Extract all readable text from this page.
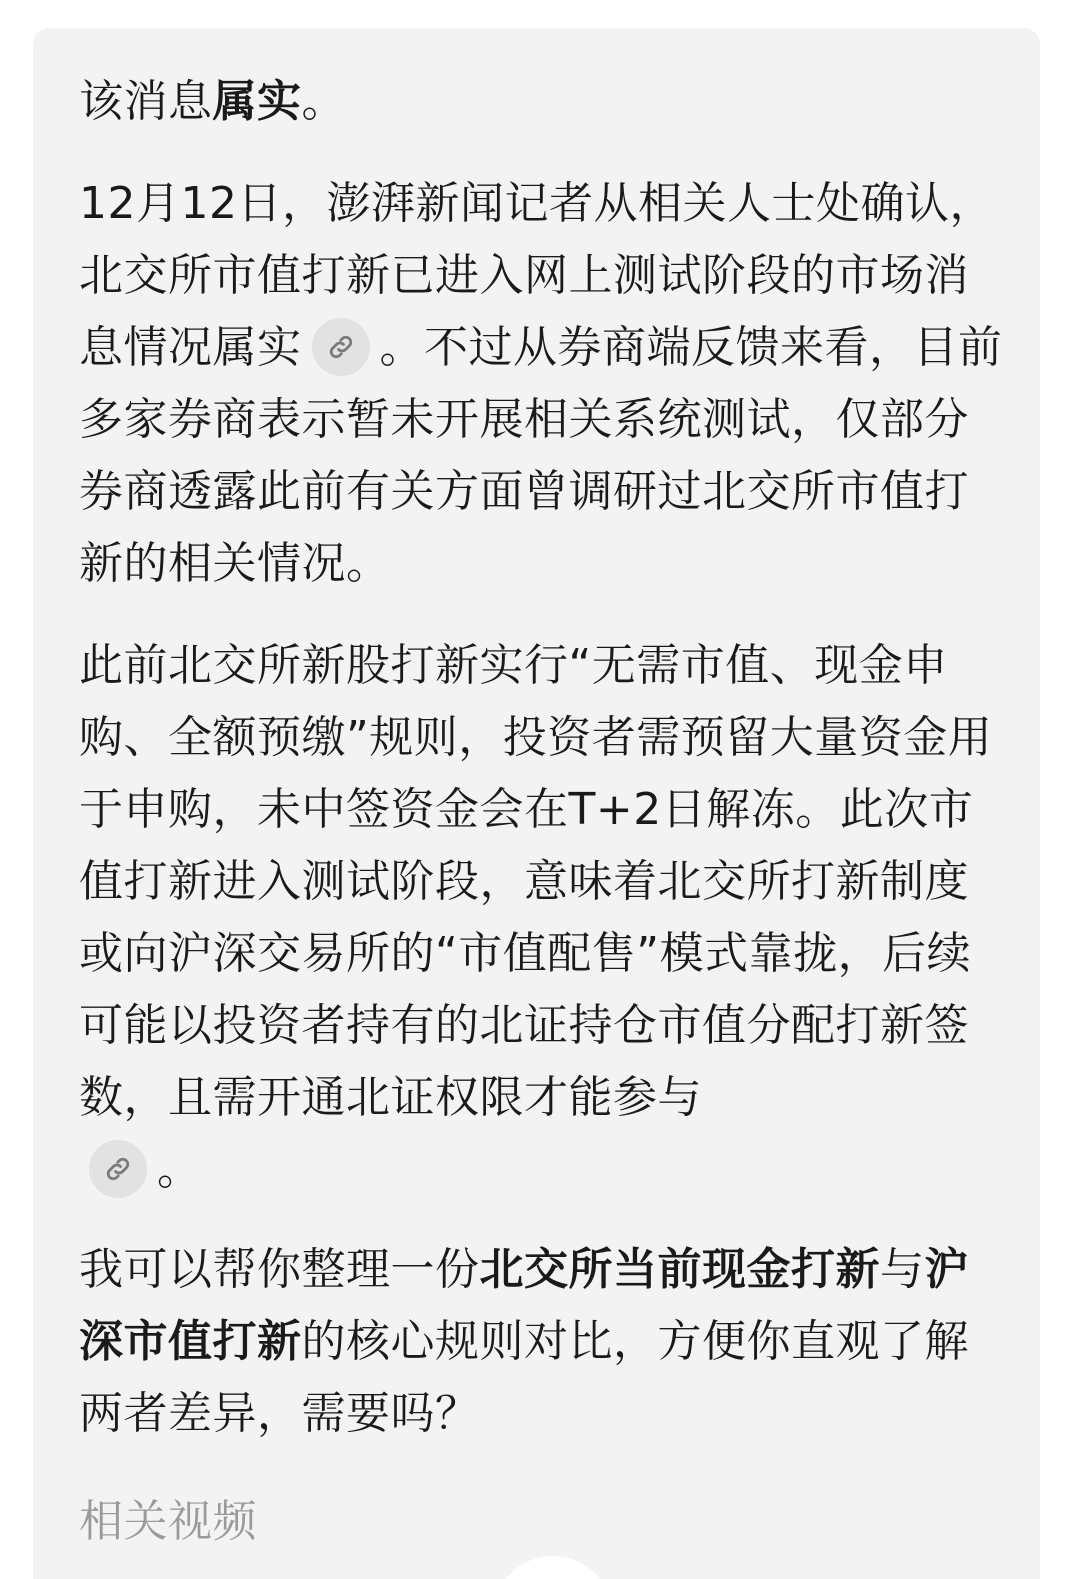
该消息属实。

12月12日，澎湃新闻记者从相关人士处确认，北交所市值打新已进入网上测试阶段的市场消息情况属实 。不过从券商端反馈来看，目前多家券商表示暂未开展相关系统测试，仅部分券商透露此前有关方面曾调研过北交所市值打新的相关情况。

此前北交所新股打新实行“无需市值、现金申购、全额预缴”规则，投资者需预留大量资金用于申购，未中签资金会在T+2日解冻。此次市值打新进入测试阶段，意味着北交所打新制度或向沪深交易所的“市值配售”模式靠拢，后续可能以投资者持有的北证持仓市值分配打新签数，且需开通北证权限才能参与

。

我可以帮你整理一份北交所当前现金打新与沪深市值打新的核心规则对比，方便你直观了解两者差异，需要吗？

相关视频
